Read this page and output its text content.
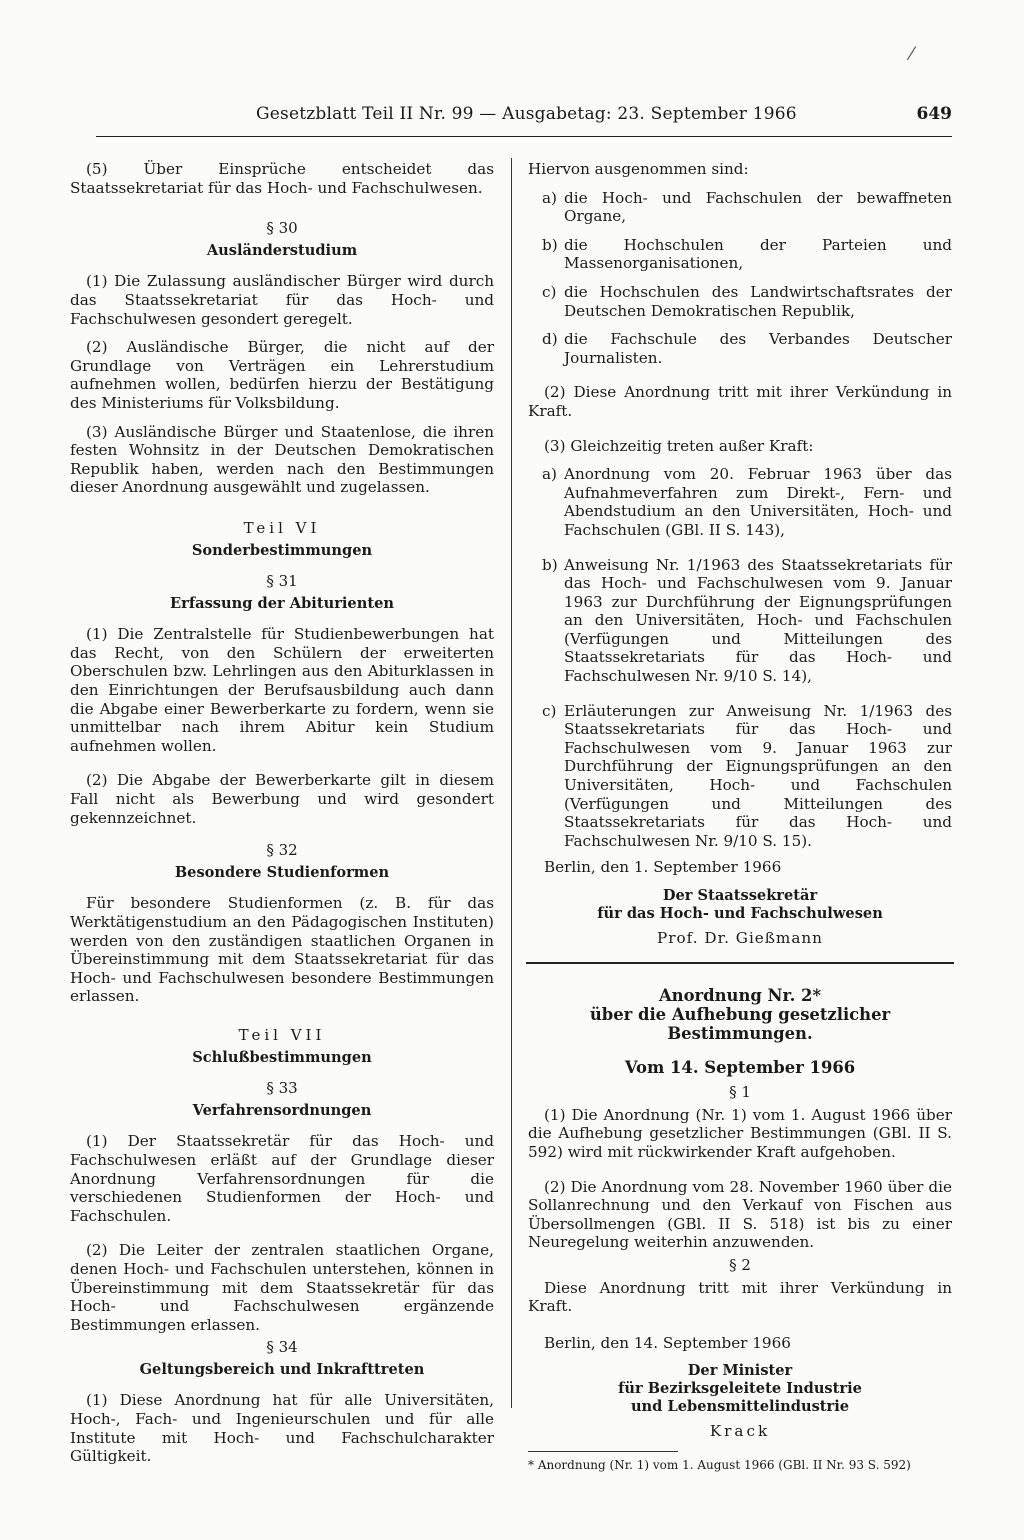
⁄
Gesetzblatt Teil II Nr. 99 — Ausgabetag: 23. September 1966	649

(5) Über Einsprüche entscheidet das Staatssekretariat für das Hoch- und Fachschulwesen.

§ 30
Ausländerstudium

(1) Die Zulassung ausländischer Bürger wird durch das Staatssekretariat für das Hoch- und Fachschulwesen gesondert geregelt.

(2) Ausländische Bürger, die nicht auf der Grundlage von Verträgen ein Lehrerstudium aufnehmen wollen, bedürfen hierzu der Bestätigung des Ministeriums für Volksbildung.

(3) Ausländische Bürger und Staatenlose, die ihren festen Wohnsitz in der Deutschen Demokratischen Republik haben, werden nach den Bestimmungen dieser Anordnung ausgewählt und zugelassen.

Teil VI
Sonderbestimmungen
§ 31
Erfassung der Abiturienten

(1) Die Zentralstelle für Studienbewerbungen hat das Recht, von den Schülern der erweiterten Oberschulen bzw. Lehrlingen aus den Abiturklassen in den Einrichtungen der Berufsausbildung auch dann die Abgabe einer Bewerberkarte zu fordern, wenn sie unmittelbar nach ihrem Abitur kein Studium aufnehmen wollen.

(2) Die Abgabe der Bewerberkarte gilt in diesem Fall nicht als Bewerbung und wird gesondert gekennzeichnet.

§ 32
Besondere Studienformen

Für besondere Studienformen (z. B. für das Werktätigenstudium an den Pädagogischen Instituten) werden von den zuständigen staatlichen Organen in Übereinstimmung mit dem Staatssekretariat für das Hoch- und Fachschulwesen besondere Bestimmungen erlassen.

Teil VII
Schlußbestimmungen
§ 33
Verfahrensordnungen

(1) Der Staatssekretär für das Hoch- und Fachschulwesen erläßt auf der Grundlage dieser Anordnung Verfahrensordnungen für die verschiedenen Studienformen der Hoch- und Fachschulen.

(2) Die Leiter der zentralen staatlichen Organe, denen Hoch- und Fachschulen unterstehen, können in Übereinstimmung mit dem Staatssekretär für das Hoch- und Fachschulwesen ergänzende Bestimmungen erlassen.

§ 34
Geltungsbereich und Inkrafttreten

(1) Diese Anordnung hat für alle Universitäten, Hoch-, Fach- und Ingenieurschulen und für alle Institute mit Hoch- und Fachschulcharakter Gültigkeit.

Hiervon ausgenommen sind:

a) die Hoch- und Fachschulen der bewaffneten Organe,
b) die Hochschulen der Parteien und Massenorganisationen,
c) die Hochschulen des Landwirtschaftsrates der Deutschen Demokratischen Republik,
d) die Fachschule des Verbandes Deutscher Journalisten.

(2) Diese Anordnung tritt mit ihrer Verkündung in Kraft.

(3) Gleichzeitig treten außer Kraft:

a) Anordnung vom 20. Februar 1963 über das Aufnahmeverfahren zum Direkt-, Fern- und Abendstudium an den Universitäten, Hoch- und Fachschulen (GBl. II S. 143),
b) Anweisung Nr. 1/1963 des Staatssekretariats für das Hoch- und Fachschulwesen vom 9. Januar 1963 zur Durchführung der Eignungsprüfungen an den Universitäten, Hoch- und Fachschulen (Verfügungen und Mitteilungen des Staatssekretariats für das Hoch- und Fachschulwesen Nr. 9/10 S. 14),
c) Erläuterungen zur Anweisung Nr. 1/1963 des Staatssekretariats für das Hoch- und Fachschulwesen vom 9. Januar 1963 zur Durchführung der Eignungsprüfungen an den Universitäten, Hoch- und Fachschulen (Verfügungen und Mitteilungen des Staatssekretariats für das Hoch- und Fachschulwesen Nr. 9/10 S. 15).

Berlin, den 1. September 1966

Der Staatssekretär
für das Hoch- und Fachschulwesen
Prof. Dr. Gießmann
Anordnung Nr. 2*
über die Aufhebung gesetzlicher Bestimmungen.
Vom 14. September 1966
§ 1

(1) Die Anordnung (Nr. 1) vom 1. August 1966 über die Aufhebung gesetzlicher Bestimmungen (GBl. II S. 592) wird mit rückwirkender Kraft aufgehoben.

(2) Die Anordnung vom 28. November 1960 über die Sollanrechnung und den Verkauf von Fischen aus Übersollmengen (GBl. II S. 518) ist bis zu einer Neuregelung weiterhin anzuwenden.

§ 2

Diese Anordnung tritt mit ihrer Verkündung in Kraft.

Berlin, den 14. September 1966

Der Minister
für Bezirksgeleitete Industrie
und Lebensmittelindustrie
Krack
* Anordnung (Nr. 1) vom 1. August 1966 (GBl. II Nr. 93 S. 592)
